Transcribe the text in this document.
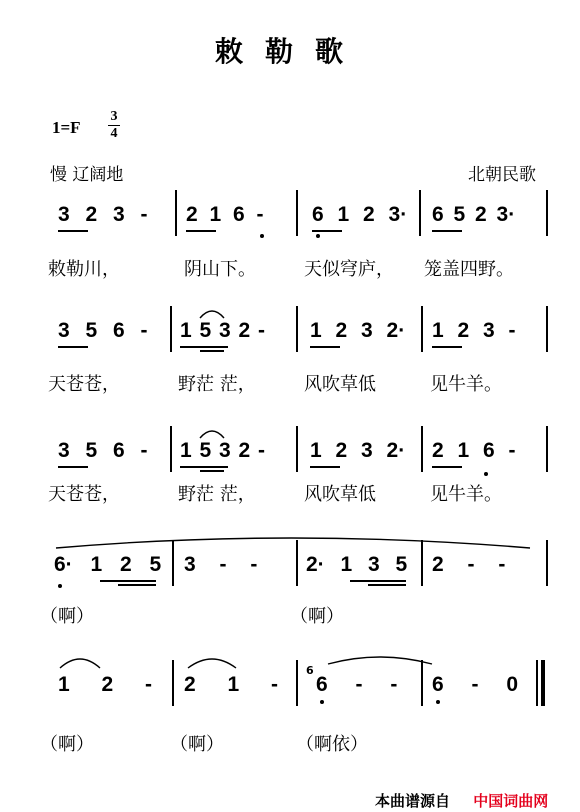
敕勒歌
1=F
3
4
慢 辽阔地	北朝民歌
3 2 3 - 2 1 6 - 6 1 2 3· 6 5 2 3·
敕勒川，	阴山下。	天似穹庐， 笼盖四野。
3 5 6 - 1 5 3 2 - 1 2 3 2· 1 2 3 -
天苍苍，	野茫 茫，	风吹草低	见牛羊。
3 5 6 - 1 5 3 2 - 1 2 3 2· 2 1 6 -
天苍苍，	野茫 茫，	风吹草低	见牛羊。
6· 1 2 5 3 - - 2· 1 3 5 2 - -
（啊）	（啊）
1 2 - 2 1 - 6 - - 6 - 0
6
（啊）	（啊）	（啊依）
本曲谱源自 中国词曲网
